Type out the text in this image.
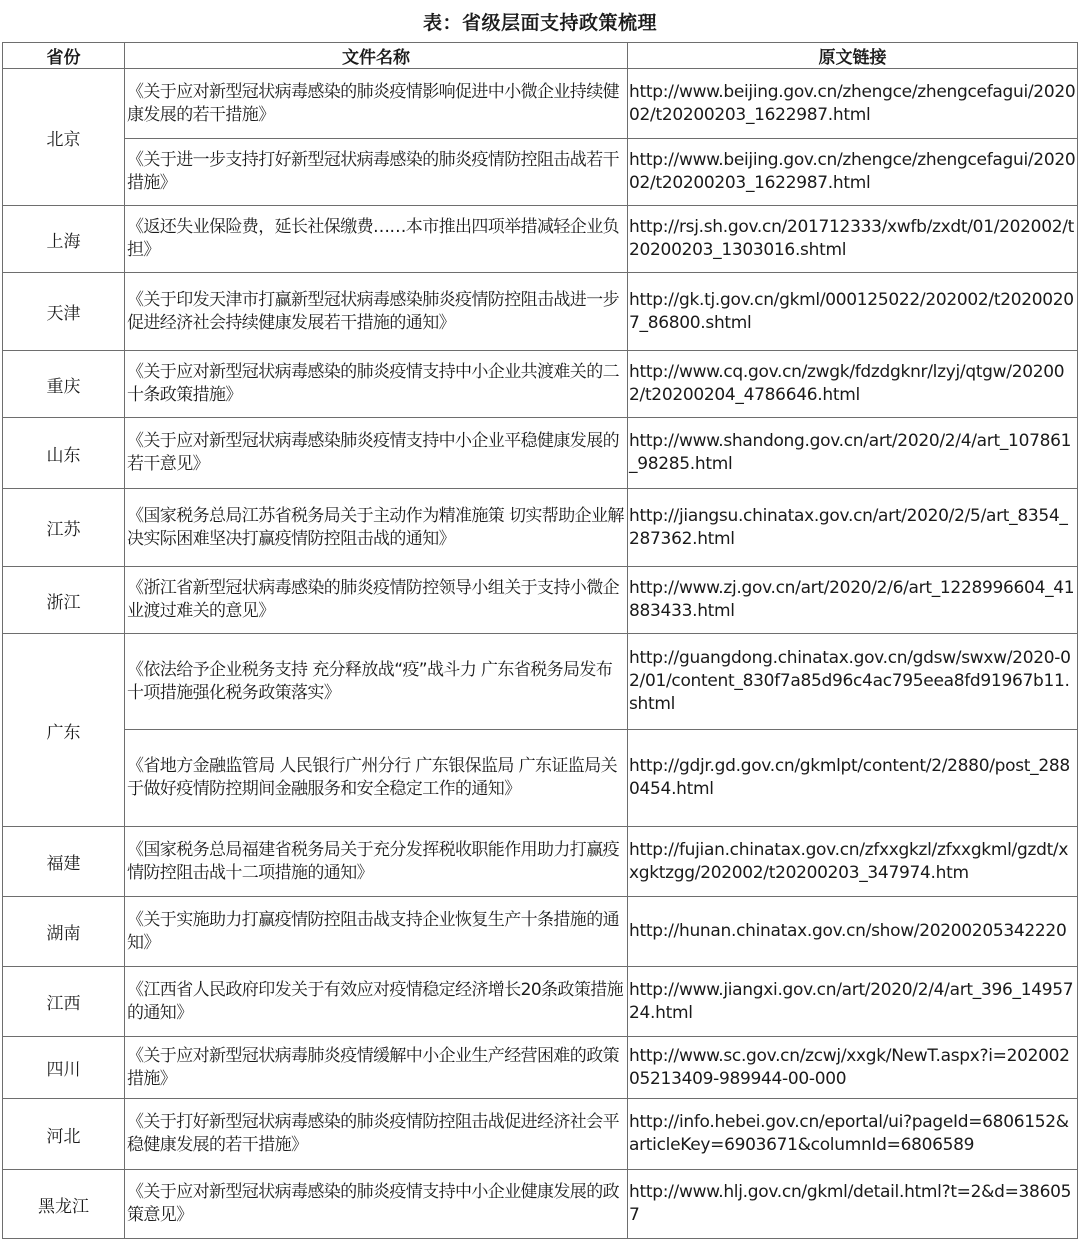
表：省级层面支持政策梳理
省份	文件名称	原文链接
北京	《关于应对新型冠状病毒感染的肺炎疫情影响促进中小微企业持续健康发展的若干措施》	http://www.beijing.gov.cn/zhengce/zhengcefagui/202002/t20200203_1622987.html
	《关于进一步支持打好新型冠状病毒感染的肺炎疫情防控阻击战若干措施》	http://www.beijing.gov.cn/zhengce/zhengcefagui/202002/t20200203_1622987.html
上海	《返还失业保险费，延长社保缴费……本市推出四项举措减轻企业负担》	http://rsj.sh.gov.cn/201712333/xwfb/zxdt/01/202002/t20200203_1303016.shtml
天津	《关于印发天津市打赢新型冠状病毒感染肺炎疫情防控阻击战进一步促进经济社会持续健康发展若干措施的通知》	http://gk.tj.gov.cn/gkml/000125022/202002/t20200207_86800.shtml
重庆	《关于应对新型冠状病毒感染的肺炎疫情支持中小企业共渡难关的二十条政策措施》	http://www.cq.gov.cn/zwgk/fdzdgknr/lzyj/qtgw/202002/t20200204_4786646.html
山东	《关于应对新型冠状病毒感染肺炎疫情支持中小企业平稳健康发展的若干意见》	http://www.shandong.gov.cn/art/2020/2/4/art_107861_98285.html
江苏	《国家税务总局江苏省税务局关于主动作为精准施策 切实帮助企业解决实际困难坚决打赢疫情防控阻击战的通知》	http://jiangsu.chinatax.gov.cn/art/2020/2/5/art_8354_287362.html
浙江	《浙江省新型冠状病毒感染的肺炎疫情防控领导小组关于支持小微企业渡过难关的意见》	http://www.zj.gov.cn/art/2020/2/6/art_1228996604_41883433.html
广东	《依法给予企业税务支持 充分释放战“疫”战斗力 广东省税务局发布十项措施强化税务政策落实》	http://guangdong.chinatax.gov.cn/gdsw/swxw/2020-02/01/content_830f7a85d96c4ac795eea8fd91967b11.shtml
	《省地方金融监管局 人民银行广州分行 广东银保监局 广东证监局关于做好疫情防控期间金融服务和安全稳定工作的通知》	http://gdjr.gd.gov.cn/gkmlpt/content/2/2880/post_2880454.html
福建	《国家税务总局福建省税务局关于充分发挥税收职能作用助力打赢疫情防控阻击战十二项措施的通知》	http://fujian.chinatax.gov.cn/zfxxgkzl/zfxxgkml/gzdt/xxgktzgg/202002/t20200203_347974.htm
湖南	《关于实施助力打赢疫情防控阻击战支持企业恢复生产十条措施的通知》	http://hunan.chinatax.gov.cn/show/20200205342220
江西	《江西省人民政府印发关于有效应对疫情稳定经济增长20条政策措施的通知》	http://www.jiangxi.gov.cn/art/2020/2/4/art_396_1495724.html
四川	《关于应对新型冠状病毒肺炎疫情缓解中小企业生产经营困难的政策措施》	http://www.sc.gov.cn/zcwj/xxgk/NewT.aspx?i=20200205213409-989944-00-000
河北	《关于打好新型冠状病毒感染的肺炎疫情防控阻击战促进经济社会平稳健康发展的若干措施》	http://info.hebei.gov.cn/eportal/ui?pageId=6806152&articleKey=6903671&columnId=6806589
黑龙江	《关于应对新型冠状病毒感染的肺炎疫情支持中小企业健康发展的政策意见》	http://www.hlj.gov.cn/gkml/detail.html?t=2&d=386057
